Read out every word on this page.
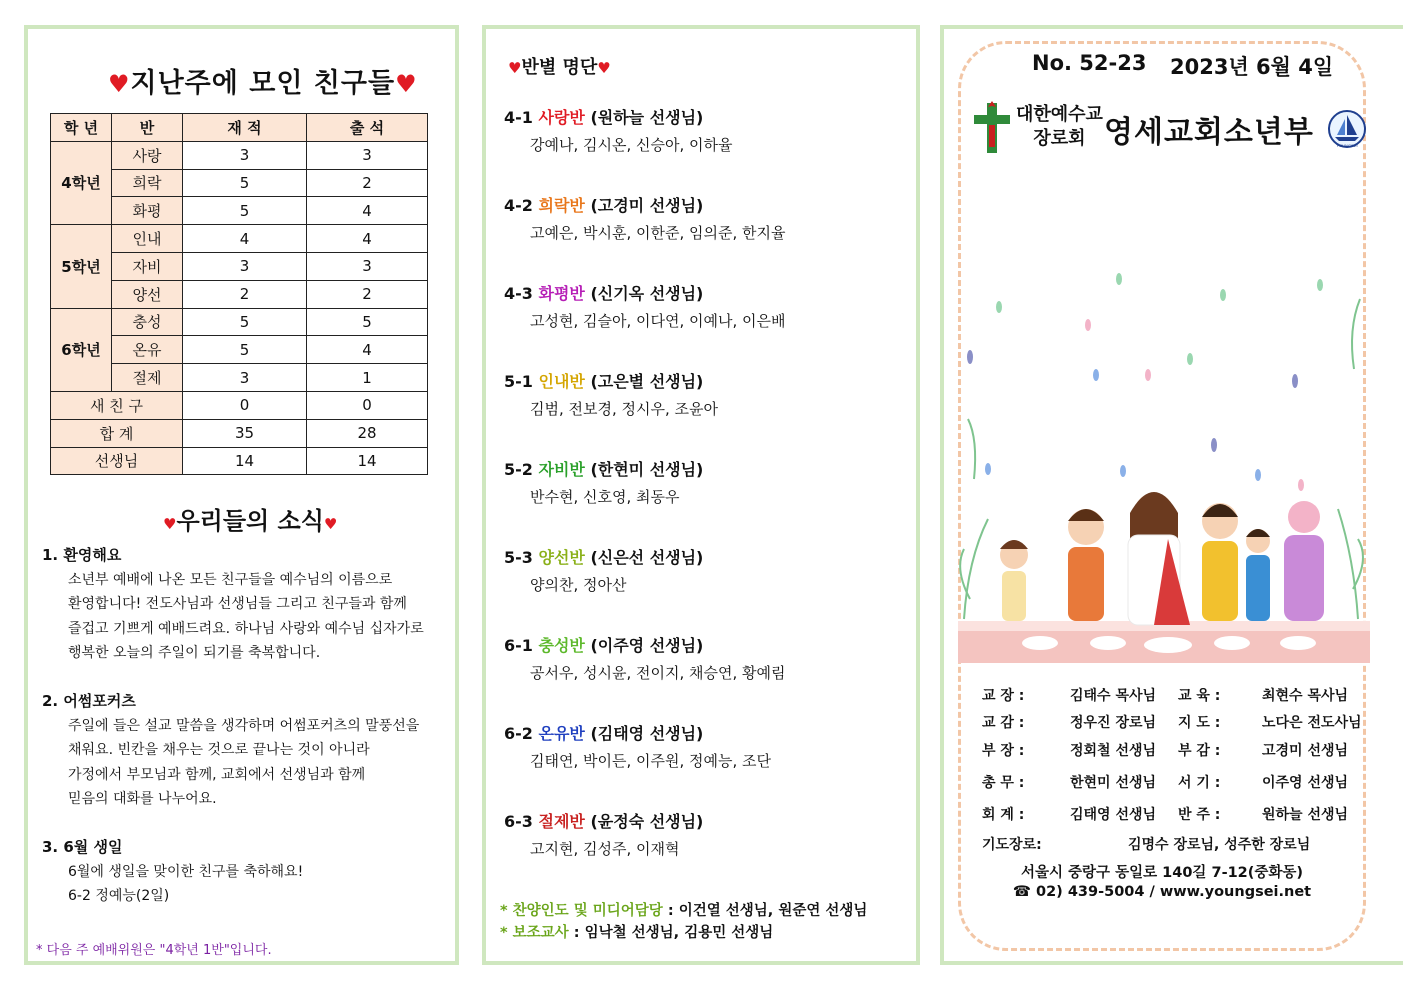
♥지난주에 모인 친구들♥
학 년	반	재 적	출 석
4학년	사랑	3	3
	희락	5	2
	화평	5	4
5학년	인내	4	4
	자비	3	3
	양선	2	2
6학년	충성	5	5
	온유	5	4
	절제	3	1
새 친 구		0	0
합 계		35	28
선생님		14	14
♥우리들의 소식♥
1. 환영해요
소년부 예배에 나온 모든 친구들을 예수님의 이름으로
환영합니다! 전도사님과 선생님들 그리고 친구들과 함께
즐겁고 기쁘게 예배드려요. 하나님 사랑와 예수님 십자가로
행복한 오늘의 주일이 되기를 축복합니다.
2. 어썸포커츠
주일에 들은 설교 말씀을 생각하며 어썸포커츠의 말풍선을
채워요. 빈칸을 채우는 것으로 끝나는 것이 아니라
가정에서 부모님과 함께, 교회에서 선생님과 함께
믿음의 대화를 나누어요.
3. 6월 생일
6월에 생일을 맞이한 친구를 축하해요!
6-2 정예능(2일)
* 다음 주 예배위원은 "4학년 1반"입니다.
♥반별 명단♥
4-1 사랑반 (원하늘 선생님)
강예나, 김시온, 신승아, 이하율
4-2 희락반 (고경미 선생님)
고예은, 박시훈, 이한준, 임의준, 한지율
4-3 화평반 (신기옥 선생님)
고성현, 김슬아, 이다연, 이예나, 이은배
5-1 인내반 (고은별 선생님)
김범, 전보경, 정시우, 조윤아
5-2 자비반 (한현미 선생님)
반수현, 신호영, 최동우
5-3 양선반 (신은선 선생님)
양의찬, 정아산
6-1 충성반 (이주영 선생님)
공서우, 성시윤, 전이지, 채승연, 황예림
6-2 온유반 (김태영 선생님)
김태연, 박이든, 이주원, 정예능, 조단
6-3 절제반 (윤정숙 선생님)
고지현, 김성주, 이재혁
* 찬양인도 및 미디어담당 : 이건열 선생님, 원준연 선생님
* 보조교사 : 임낙철 선생님, 김용민 선생님
No. 52-23 2023년 6월 4일
대한예수교
장로회 영세교회소년부	YOUNGSEI
교 장 :	김태수 목사님 교 육 :	최현수 목사님
교 감 :	정우진 장로님 지 도 :	노다은 전도사님
부 장 :	정회철 선생님 부 감 :	고경미 선생님
총 무 :	한현미 선생님 서 기 :	이주영 선생님
회 계 :	김태영 선생님 반 주 :	원하늘 선생님
기도장로:	김명수 장로님, 성주한 장로님
서울시 중랑구 동일로 140길 7-12(중화동)
☎ 02) 439-5004 / www.youngsei.net
